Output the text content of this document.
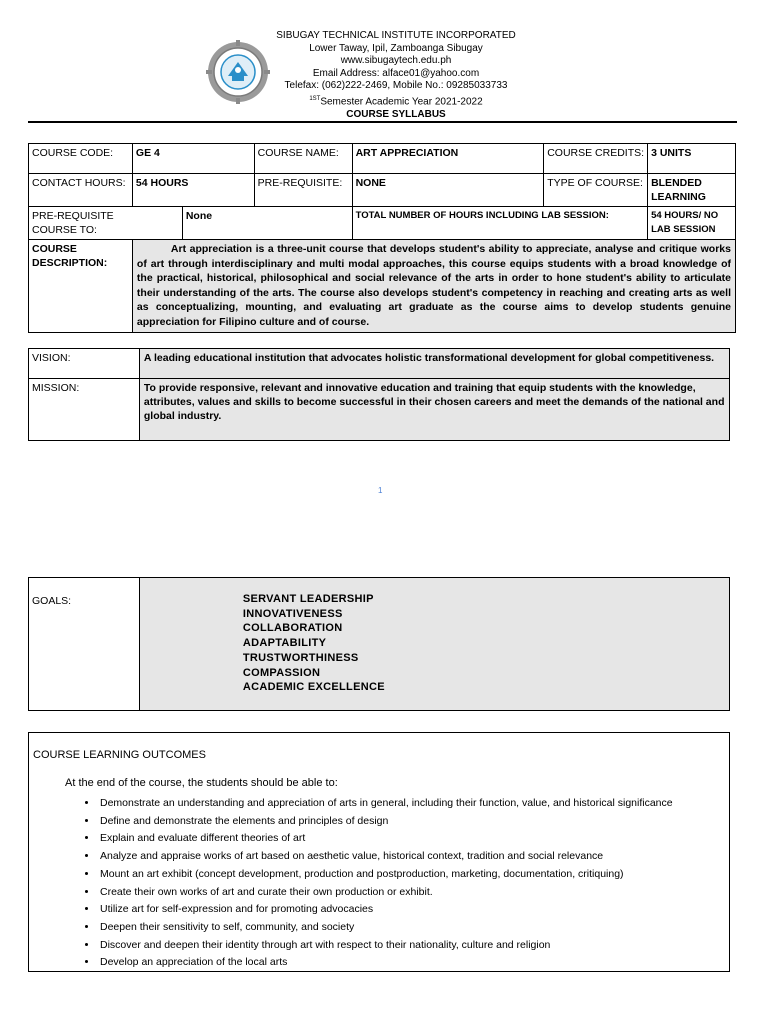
SIBUGAY TECHNICAL INSTITUTE INCORPORATED
Lower Taway, Ipil, Zamboanga Sibugay
www.sibugaytech.edu.ph
Email Address: alface01@yahoo.com
Telefax: (062)222-2469, Mobile No.: 09285033733
$^{1ST}$Semester Academic Year 2021-2022
COURSE SYLLABUS
COURSE CODE:	GE 4		COURSE NAME:	ART APPRECIATION	COURSE CREDITS:	3 UNITS
CONTACT HOURS:	54 HOURS		PRE-REQUISITE:	NONE	TYPE OF COURSE:	BLENDED LEARNING
PRE-REQUISITE COURSE TO:		None		TOTAL NUMBER OF HOURS INCLUDING LAB SESSION:		54 HOURS/ NO LAB SESSION
COURSE DESCRIPTION:	Art appreciation is a three-unit course that develops student's ability to appreciate, analyse and critique works of art through interdisciplinary and multi modal approaches, this course equips students with a broad knowledge of the practical, historical, philosophical and social relevance of the arts in order to hone student's ability to articulate their understanding of the arts. The course also develops student's competency in reaching and creating arts as well as conceptualizing, mounting, and evaluating art graduate as the course aims to develop students genuine appreciation for Filipino culture and of course.					
VISION:	A leading educational institution that advocates holistic transformational development for global competitiveness.
MISSION:	To provide responsive, relevant and innovative education and training that equip students with the knowledge, attributes, values and skills to become successful in their chosen careers and meet the demands of the national and global industry.
1
GOALS:	SERVANT LEADERSHIP
INNOVATIVENESS
COLLABORATION
ADAPTABILITY
TRUSTWORTHINESS
COMPASSION
ACADEMIC EXCELLENCE
COURSE LEARNING OUTCOMES
At the end of the course, the students should be able to:
• Demonstrate an understanding and appreciation of arts in general, including their function, value, and historical significance
• Define and demonstrate the elements and principles of design
• Explain and evaluate different theories of art
• Analyze and appraise works of art based on aesthetic value, historical context, tradition and social relevance
• Mount an art exhibit (concept development, production and postproduction, marketing, documentation, critiquing)
• Create their own works of art and curate their own production or exhibit.
• Utilize art for self-expression and for promoting advocacies
• Deepen their sensitivity to self, community, and society
• Discover and deepen their identity through art with respect to their nationality, culture and religion
• Develop an appreciation of the local arts
